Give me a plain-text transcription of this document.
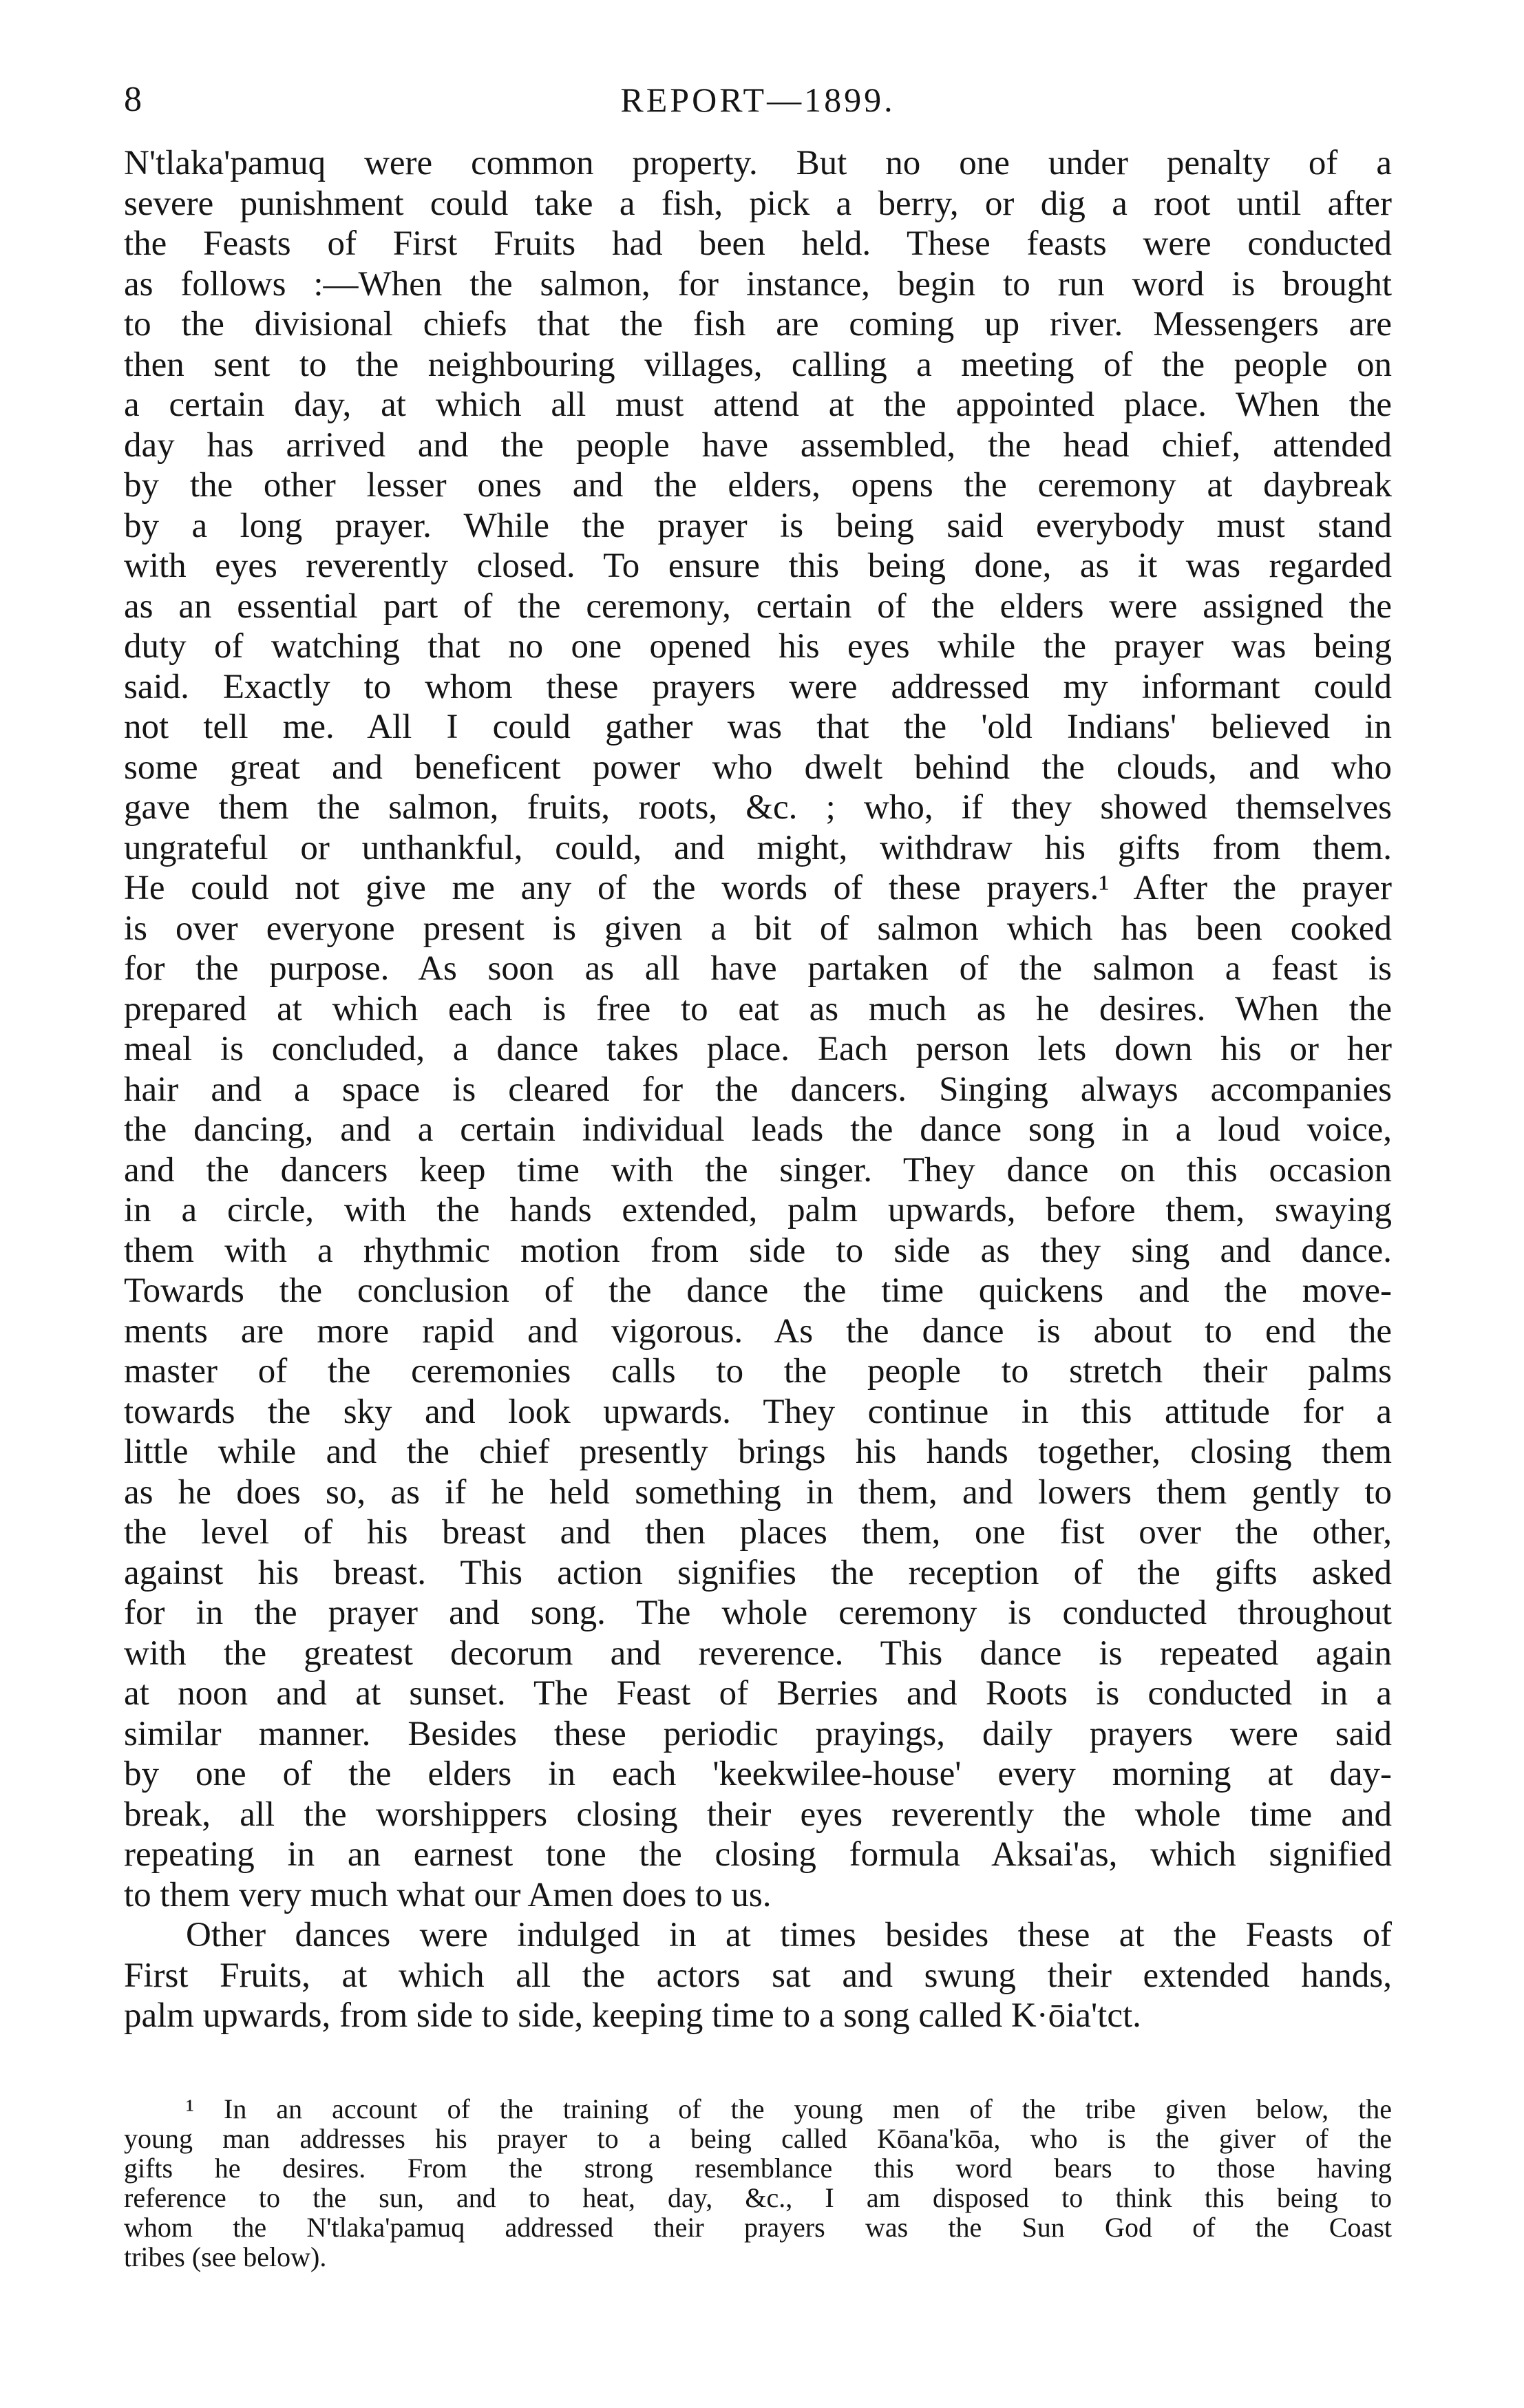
8	REPORT—1899.
N'tlaka'pamuq were common property. But no one under penalty of a
severe punishment could take a fish, pick a berry, or dig a root until after
the Feasts of First Fruits had been held. These feasts were conducted
as follows :—When the salmon, for instance, begin to run word is brought
to the divisional chiefs that the fish are coming up river. Messengers are
then sent to the neighbouring villages, calling a meeting of the people on
a certain day, at which all must attend at the appointed place. When the
day has arrived and the people have assembled, the head chief, attended
by the other lesser ones and the elders, opens the ceremony at daybreak
by a long prayer. While the prayer is being said everybody must stand
with eyes reverently closed. To ensure this being done, as it was regarded
as an essential part of the ceremony, certain of the elders were assigned the
duty of watching that no one opened his eyes while the prayer was being
said. Exactly to whom these prayers were addressed my informant could
not tell me. All I could gather was that the 'old Indians' believed in
some great and beneficent power who dwelt behind the clouds, and who
gave them the salmon, fruits, roots, &c. ; who, if they showed themselves
ungrateful or unthankful, could, and might, withdraw his gifts from them.
He could not give me any of the words of these prayers.¹ After the prayer
is over everyone present is given a bit of salmon which has been cooked
for the purpose. As soon as all have partaken of the salmon a feast is
prepared at which each is free to eat as much as he desires. When the
meal is concluded, a dance takes place. Each person lets down his or her
hair and a space is cleared for the dancers. Singing always accompanies
the dancing, and a certain individual leads the dance song in a loud voice,
and the dancers keep time with the singer. They dance on this occasion
in a circle, with the hands extended, palm upwards, before them, swaying
them with a rhythmic motion from side to side as they sing and dance.
Towards the conclusion of the dance the time quickens and the move-
ments are more rapid and vigorous. As the dance is about to end the
master of the ceremonies calls to the people to stretch their palms
towards the sky and look upwards. They continue in this attitude for a
little while and the chief presently brings his hands together, closing them
as he does so, as if he held something in them, and lowers them gently to
the level of his breast and then places them, one fist over the other,
against his breast. This action signifies the reception of the gifts asked
for in the prayer and song. The whole ceremony is conducted throughout
with the greatest decorum and reverence. This dance is repeated again
at noon and at sunset. The Feast of Berries and Roots is conducted in a
similar manner. Besides these periodic prayings, daily prayers were said
by one of the elders in each 'keekwilee-house' every morning at day-
break, all the worshippers closing their eyes reverently the whole time and
repeating in an earnest tone the closing formula Aksai'as, which signified
to them very much what our Amen does to us.
Other dances were indulged in at times besides these at the Feasts of
First Fruits, at which all the actors sat and swung their extended hands,
palm upwards, from side to side, keeping time to a song called K·ōia'tct.
¹ In an account of the training of the young men of the tribe given below, the
young man addresses his prayer to a being called Kōana'kōa, who is the giver of the
gifts he desires. From the strong resemblance this word bears to those having
reference to the sun, and to heat, day, &c., I am disposed to think this being to
whom the N'tlaka'pamuq addressed their prayers was the Sun God of the Coast
tribes (see below).
